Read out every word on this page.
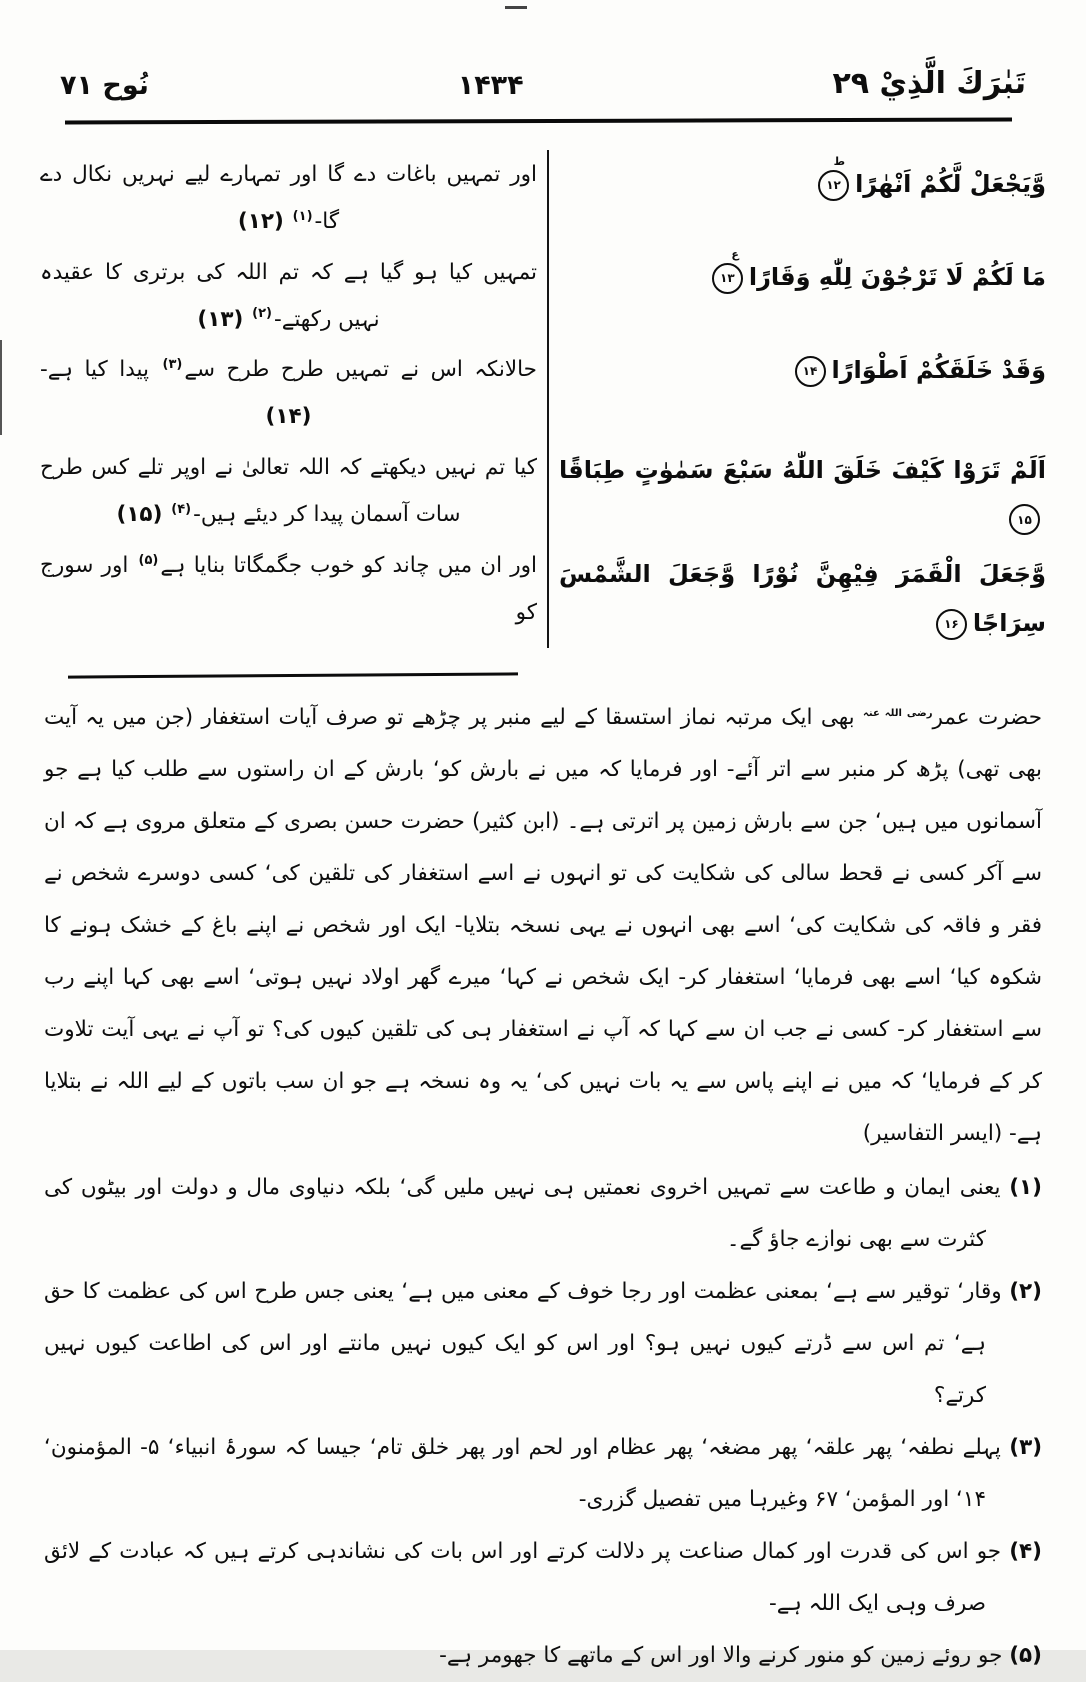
تَبٰرَكَ الَّذِيْ ۲۹
۱۴۳۴
نُوح ۷۱
وَّيَجْعَلْ لَّكُمْ اَنْهٰرًا
ط
۱۲
مَا لَكُمْ لَا تَرْجُوْنَ لِلّٰهِ وَقَارًا
ع
۱۳
وَقَدْ خَلَقَكُمْ اَطْوَارًا
۱۴
اَلَمْ تَرَوْا كَيْفَ خَلَقَ اللّٰهُ سَبْعَ سَمٰوٰتٍ طِبَاقًا
۱۵
وَّجَعَلَ الْقَمَرَ فِيْهِنَّ نُوْرًا وَّجَعَلَ الشَّمْسَ سِرَاجًا
۱۶
اور تمہیں باغات دے گا اور تمہارے لیے نہریں نکال دے گا-$^{(۱)}$ (۱۲)
تمہیں کیا ہو گیا ہے کہ تم اللہ کی برتری کا عقیدہ نہیں رکھتے-$^{(۲)}$ (۱۳)
حالانکہ اس نے تمہیں طرح طرح سے$^{(۳)}$ پیدا کیا ہے- (۱۴)
کیا تم نہیں دیکھتے کہ اللہ تعالیٰ نے اوپر تلے کس طرح سات آسمان پیدا کر دیئے ہیں-$^{(۴)}$ (۱۵)
اور ان میں چاند کو خوب جگمگاتا بنایا ہے$^{(۵)}$ اور سورج کو

حضرت عمر$^{رضی اللہ عنہ}$ بھی ایک مرتبہ نماز استسقا کے لیے منبر پر چڑھے تو صرف آیات استغفار (جن میں یہ آیت بھی تھی) پڑھ کر منبر سے اتر آئے- اور فرمایا کہ میں نے بارش کو‘ بارش کے ان راستوں سے طلب کیا ہے جو آسمانوں میں ہیں‘ جن سے بارش زمین پر اترتی ہے۔ (ابن کثیر) حضرت حسن بصری کے متعلق مروی ہے کہ ان سے آکر کسی نے قحط سالی کی شکایت کی تو انہوں نے اسے استغفار کی تلقین کی‘ کسی دوسرے شخص نے فقر و فاقہ کی شکایت کی‘ اسے بھی انہوں نے یہی نسخہ بتلایا- ایک اور شخص نے اپنے باغ کے خشک ہونے کا شکوہ کیا‘ اسے بھی فرمایا‘ استغفار کر- ایک شخص نے کہا‘ میرے گھر اولاد نہیں ہوتی‘ اسے بھی کہا اپنے رب سے استغفار کر- کسی نے جب ان سے کہا کہ آپ نے استغفار ہی کی تلقین کیوں کی؟ تو آپ نے یہی آیت تلاوت کر کے فرمایا‘ کہ میں نے اپنے پاس سے یہ بات نہیں کی‘ یہ وہ نسخہ ہے جو ان سب باتوں کے لیے اللہ نے بتلایا ہے- (ایسر التفاسیر)

(۱) یعنی ایمان و طاعت سے تمہیں اخروی نعمتیں ہی نہیں ملیں گی‘ بلکہ دنیاوی مال و دولت اور بیٹوں کی کثرت سے بھی نوازے جاؤ گے۔

(۲) وقار‘ توقیر سے ہے‘ بمعنی عظمت اور رجا خوف کے معنی میں ہے‘ یعنی جس طرح اس کی عظمت کا حق ہے‘ تم اس سے ڈرتے کیوں نہیں ہو؟ اور اس کو ایک کیوں نہیں مانتے اور اس کی اطاعت کیوں نہیں کرتے؟

(۳) پہلے نطفہ‘ پھر علقہ‘ پھر مضغہ‘ پھر عظام اور لحم اور پھر خلق تام‘ جیسا کہ سورۂ انبیاء‘ ۵- المؤمنون‘ ۱۴‘ اور المؤمن‘ ۶۷ وغیرہا میں تفصیل گزری-

(۴) جو اس کی قدرت اور کمال صناعت پر دلالت کرتے اور اس بات کی نشاندہی کرتے ہیں کہ عبادت کے لائق صرف وہی ایک اللہ ہے-

(۵) جو روئے زمین کو منور کرنے والا اور اس کے ماتھے کا جھومر ہے-
